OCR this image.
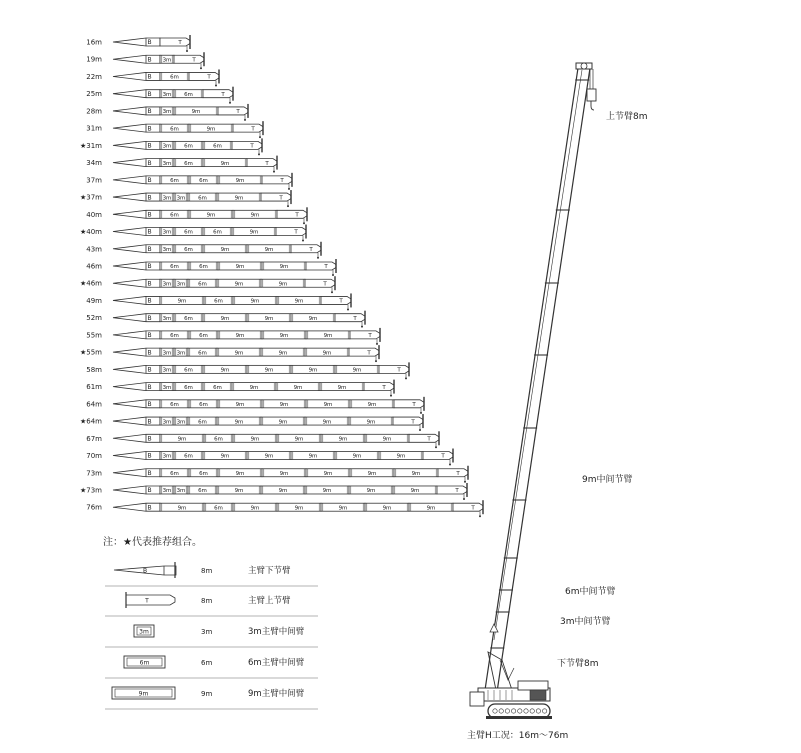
16m	B	T
19m	B 3m	T
22m	B	6m	T
25m	B 3m 6m	T
28m	B 3m	9m	T
31m	B	6m	9m	T
★31m	B 3m 6m	6m	T
34m	B 3m 6m	9m	T
37m	B	6m	6m	9m	T
★37m	B 3m 3m 6m	9m	T
40m	B	6m	9m	9m	T
★40m	B 3m 6m	6m	9m	T
43m	B 3m 6m	9m	9m	T
46m	B	6m	6m	9m	9m	T
★46m	B 3m 3m 6m	9m	9m	T
49m	B	9m	6m	9m	9m	T
52m	B 3m 6m	9m	9m	9m	T
55m	B	6m	6m	9m	9m	9m	T
★55m	B 3m 3m 6m	9m	9m	9m	T
58m	B 3m 6m	9m	9m	9m	9m	T
61m	B 3m 6m	6m	9m	9m	9m	T
64m	B	6m	6m	9m	9m	9m	9m	T
★64m	B 3m 3m 6m	9m	9m	9m	9m	T
67m	B	9m	6m	9m	9m	9m	9m	T
70m	B 3m 6m	9m	9m	9m	9m	9m	T
73m	B	6m	6m	9m	9m	9m	9m	9m	T
★73m	B 3m 3m 6m	9m	9m	9m	9m	9m	T
76m	B	9m	6m	9m	9m	9m	9m	9m	T
注：★代表推荐组合。
B	8m	主臂下节臂
T	8m	主臂上节臂
3m	3m	3m主臂中间臂
6m	6m	6m主臂中间臂
9m	9m	9m主臂中间臂
上节臂8m
9m中间节臂
6m中间节臂
3m中间节臂
下节臂8m
主臂H工况：16m～76m
